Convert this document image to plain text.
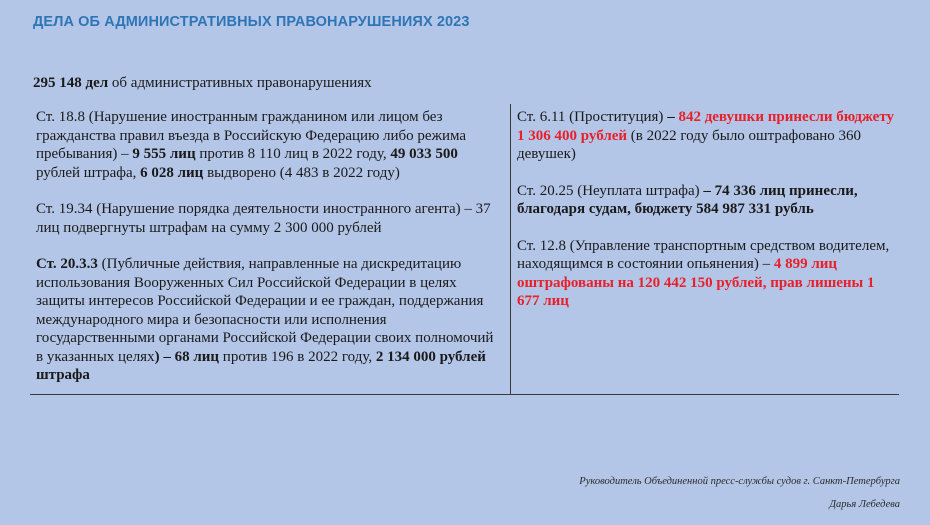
ДЕЛА ОБ АДМИНИСТРАТИВНЫХ ПРАВОНАРУШЕНИЯХ 2023
295 148 дел об административных правонарушениях
Ст. 18.8 (Нарушение иностранным гражданином или лицом без гражданства правил въезда в Российскую Федерацию либо режима пребывания) – 9 555 лиц против 8 110 лиц в 2022 году, 49 033 500 рублей штрафа, 6 028 лиц выдворено (4 483 в 2022 году)
Ст. 19.34 (Нарушение порядка деятельности иностранного агента) – 37 лиц подвергнуты штрафам на сумму 2 300 000 рублей
Ст. 20.3.3 (Публичные действия, направленные на дискредитацию использования Вооруженных Сил Российской Федерации в целях защиты интересов Российской Федерации и ее граждан, поддержания международного мира и безопасности или исполнения государственными органами Российской Федерации своих полномочий в указанных целях) – 68 лиц против 196 в 2022 году, 2 134 000 рублей штрафа
Ст. 6.11 (Проституция) – 842 девушки принесли бюджету 1 306 400 рублей (в 2022 году было оштрафовано 360 девушек)
Ст. 20.25 (Неуплата штрафа) – 74 336 лиц принесли, благодаря судам, бюджету 584 987 331 рубль
Ст. 12.8 (Управление транспортным средством водителем, находящимся в состоянии опьянения) – 4 899 лиц оштрафованы на 120 442 150 рублей, прав лишены 1 677 лиц
Руководитель Объединенной пресс-службы судов г. Санкт-Петербурга
Дарья Лебедева
